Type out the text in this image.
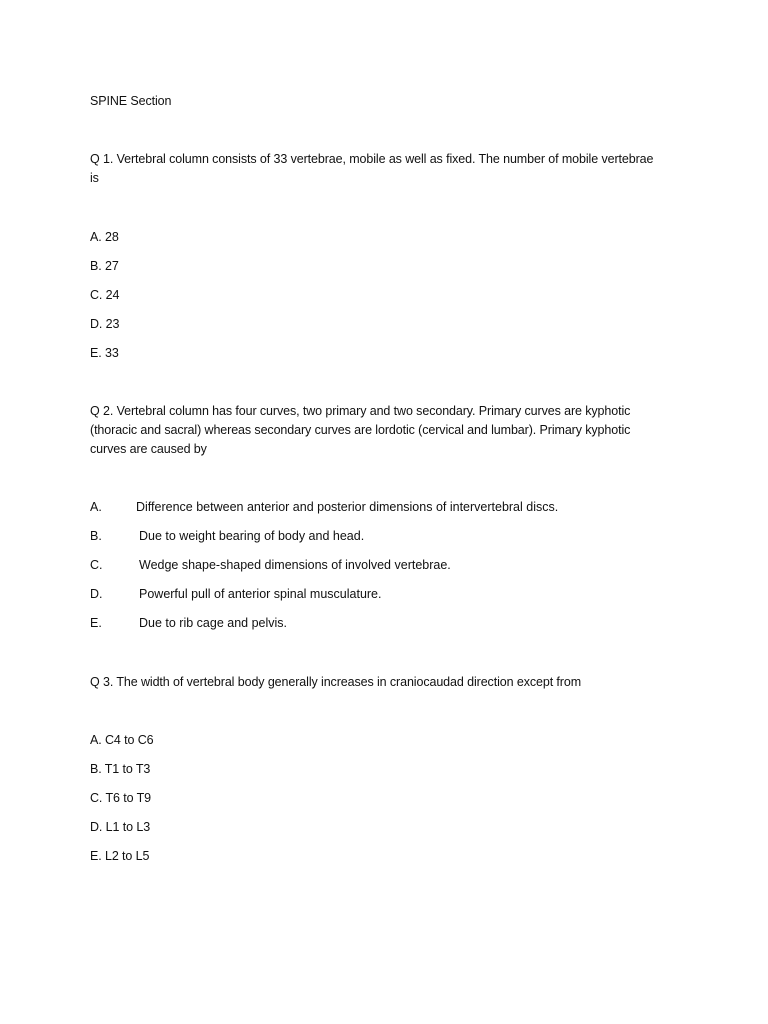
SPINE Section
Q 1. Vertebral column consists of 33 vertebrae, mobile as well as fixed. The number of mobile vertebrae
is
A. 28
B. 27
C. 24
D. 23
E. 33
Q 2. Vertebral column has four curves, two primary and two secondary. Primary curves are kyphotic
(thoracic and sacral) whereas secondary curves are lordotic (cervical and lumbar). Primary kyphotic
curves are caused by
A.	Difference between anterior and posterior dimensions of intervertebral discs.
B.	Due to weight bearing of body and head.
C.	Wedge shape-shaped dimensions of involved vertebrae.
D.	Powerful pull of anterior spinal musculature.
E.	Due to rib cage and pelvis.
Q 3. The width of vertebral body generally increases in craniocaudad direction except from
A. C4 to C6
B. T1 to T3
C. T6 to T9
D. L1 to L3
E. L2 to L5
